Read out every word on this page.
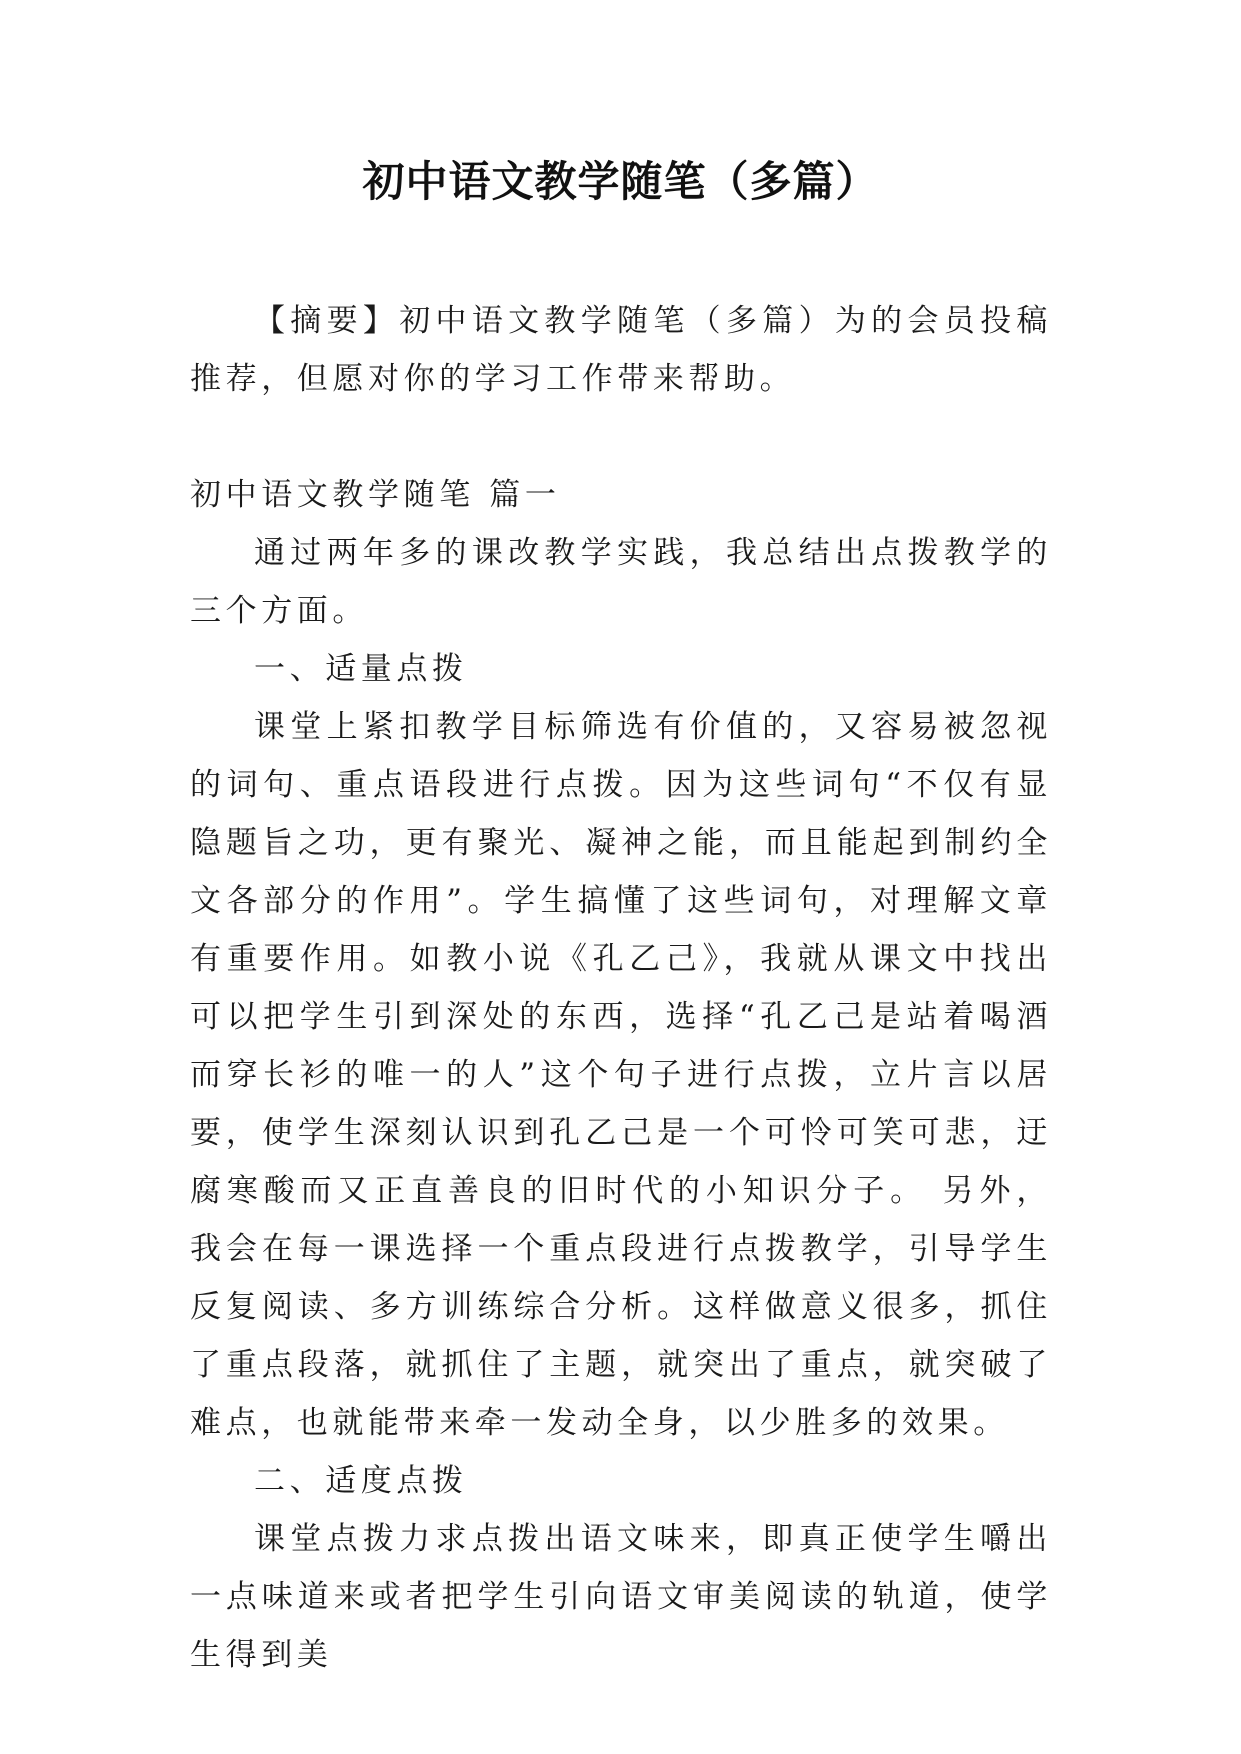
初中语文教学随笔（多篇）

【摘要】初中语文教学随笔（多篇）为的会员投稿推荐，但愿对你的学习工作带来帮助。

初中语文教学随笔 篇一

通过两年多的课改教学实践，我总结出点拨教学的三个方面。

一、适量点拨

课堂上紧扣教学目标筛选有价值的，又容易被忽视的词句、重点语段进行点拨。因为这些词句“不仅有显隐题旨之功，更有聚光、凝神之能，而且能起到制约全文各部分的作用”。学生搞懂了这些词句，对理解文章有重要作用。如教小说《孔乙己》，我就从课文中找出可以把学生引到深处的东西，选择“孔乙己是站着喝酒而穿长衫的唯一的人”这个句子进行点拨，立片言以居要，使学生深刻认识到孔乙己是一个可怜可笑可悲，迂腐寒酸而又正直善良的旧时代的小知识分子。 另外，我会在每一课选择一个重点段进行点拨教学，引导学生反复阅读、多方训练综合分析。这样做意义很多，抓住了重点段落，就抓住了主题，就突出了重点，就突破了难点，也就能带来牵一发动全身，以少胜多的效果。

二、适度点拨

课堂点拨力求点拨出语文味来，即真正使学生嚼出一点味道来或者把学生引向语文审美阅读的轨道，使学生得到美
